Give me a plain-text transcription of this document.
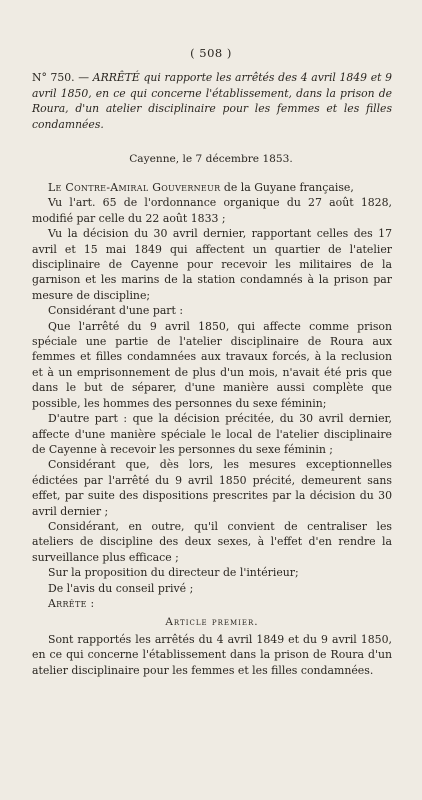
( 508 )
N° 750. — ARRÊTÉ qui rapporte les arrêtés des 4 avril 1849 et 9 avril 1850, en ce qui concerne l'établissement, dans la prison de Roura, d'un atelier disciplinaire pour les femmes et les filles condamnées.
Cayenne, le 7 décembre 1853.

Le Contre-Amiral Gouverneur de la Guyane française,

Vu l'art. 65 de l'ordonnance organique du 27 août 1828, modifié par celle du 22 août 1833 ;

Vu la décision du 30 avril dernier, rapportant celles des 17 avril et 15 mai 1849 qui affectent un quartier de l'atelier disciplinaire de Cayenne pour recevoir les militaires de la garnison et les marins de la station condamnés à la prison par mesure de discipline;

Considérant d'une part :

Que l'arrêté du 9 avril 1850, qui affecte comme prison spéciale une partie de l'atelier disciplinaire de Roura aux femmes et filles condamnées aux travaux forcés, à la reclusion et à un emprisonnement de plus d'un mois, n'avait été pris que dans le but de séparer, d'une manière aussi complète que possible, les hommes des personnes du sexe féminin;

D'autre part : que la décision précitée, du 30 avril dernier, affecte d'une manière spéciale le local de l'atelier disciplinaire de Cayenne à recevoir les personnes du sexe féminin ;

Considérant que, dès lors, les mesures exceptionnelles édictées par l'arrêté du 9 avril 1850 précité, demeurent sans effet, par suite des dispositions prescrites par la décision du 30 avril dernier ;

Considérant, en outre, qu'il convient de centraliser les ateliers de discipline des deux sexes, à l'effet d'en rendre la surveillance plus efficace ;

Sur la proposition du directeur de l'intérieur;

De l'avis du conseil privé ;

Arrête :

Article premier.

Sont rapportés les arrêtés du 4 avril 1849 et du 9 avril 1850, en ce qui concerne l'établissement dans la prison de Roura d'un atelier disciplinaire pour les femmes et les filles condamnées.
